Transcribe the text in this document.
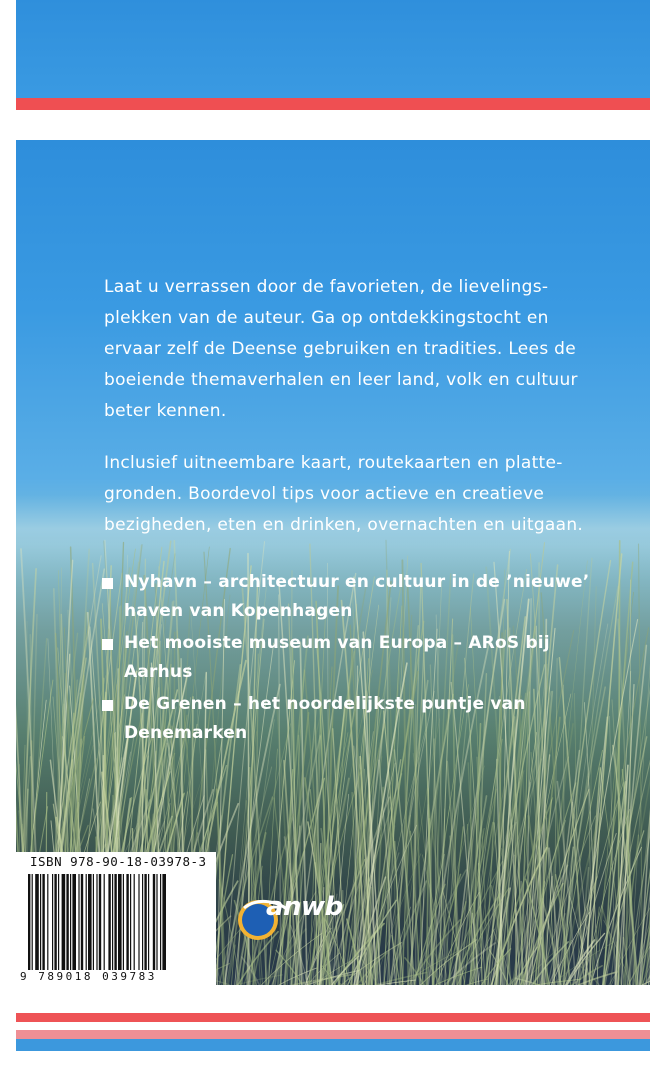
Laat u verrassen door de favorieten, de lievelings-plekken van de auteur. Ga op ontdekkingstocht en ervaar zelf de Deense gebruiken en tradities. Lees de boeiende themaverhalen en leer land, volk en cultuur beter kennen.
Inclusief uitneembare kaart, routekaarten en platte-gronden. Boordevol tips voor actieve en creatieve bezigheden, eten en drinken, overnachten en uitgaan.
Nyhavn – architectuur en cultuur in de ’nieuwe’ haven van Kopenhagen
Het mooiste museum van Europa – ARoS bij Aarhus
De Grenen – het noordelijkste puntje van Denemarken
ISBN 978-90-18-03978-3
9 789018 039783
anwb
